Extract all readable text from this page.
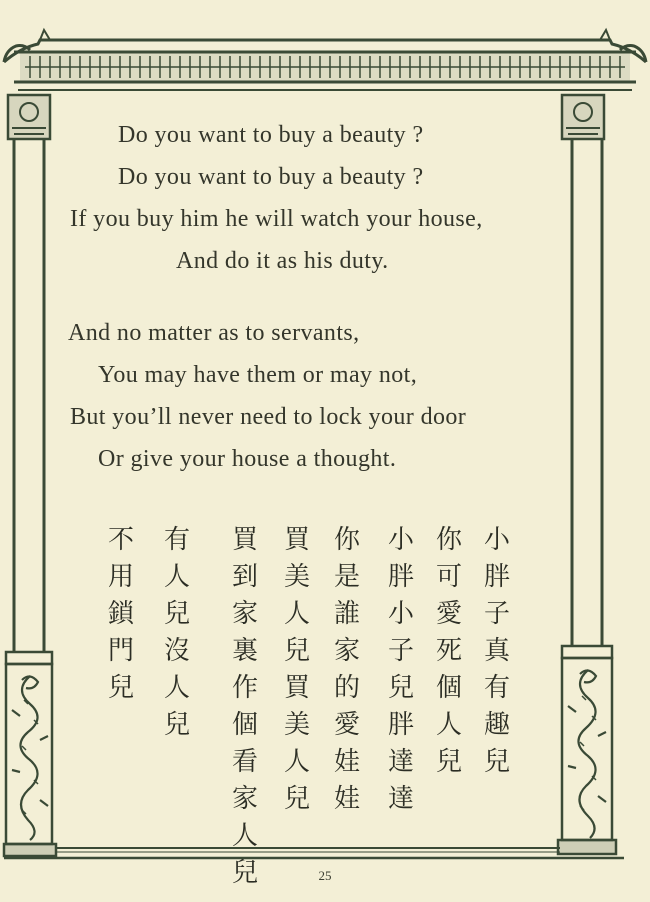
Do you want to buy a beauty ?
Do you want to buy a beauty ?
If you buy him he will watch your house,
And do it as his duty.
And no matter as to servants,
You may have them or may not,
But you’ll never need to lock your door
Or give your house a thought.
小
胖
子
真
有
趣
兒
你
可
愛
死
個
人
兒
小
胖
小
子
兒
胖
達
達
你
是
誰
家
的
愛
娃
娃
買
美
人
兒
買
美
人
兒
買
到
家
裏
作
個
看
家
人
兒
有
人
兒
沒
人
兒
不
用
鎖
門
兒
25
